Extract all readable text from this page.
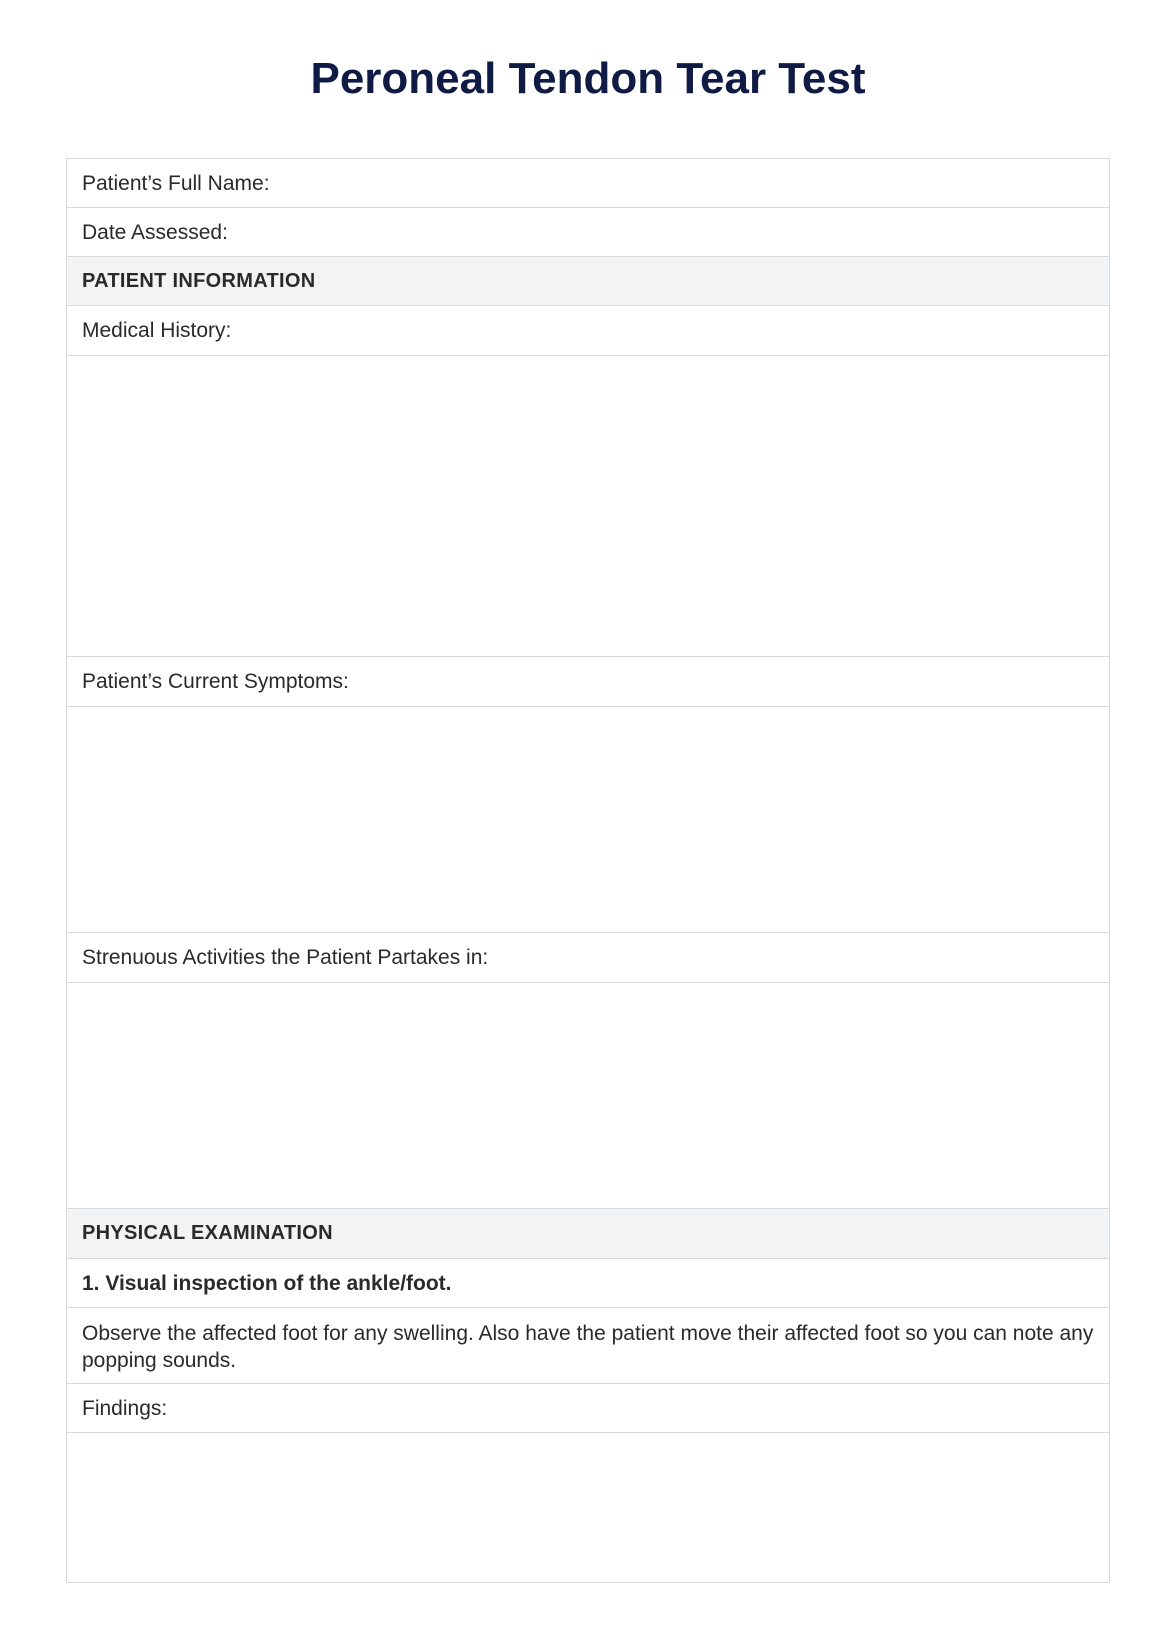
Peroneal Tendon Tear Test
Patient’s Full Name:
Date Assessed:
PATIENT INFORMATION
Medical History:
Patient’s Current Symptoms:
Strenuous Activities the Patient Partakes in:
PHYSICAL EXAMINATION
1. Visual inspection of the ankle/foot.
Observe the affected foot for any swelling. Also have the patient move their affected foot so you can note any popping sounds.
Findings:
